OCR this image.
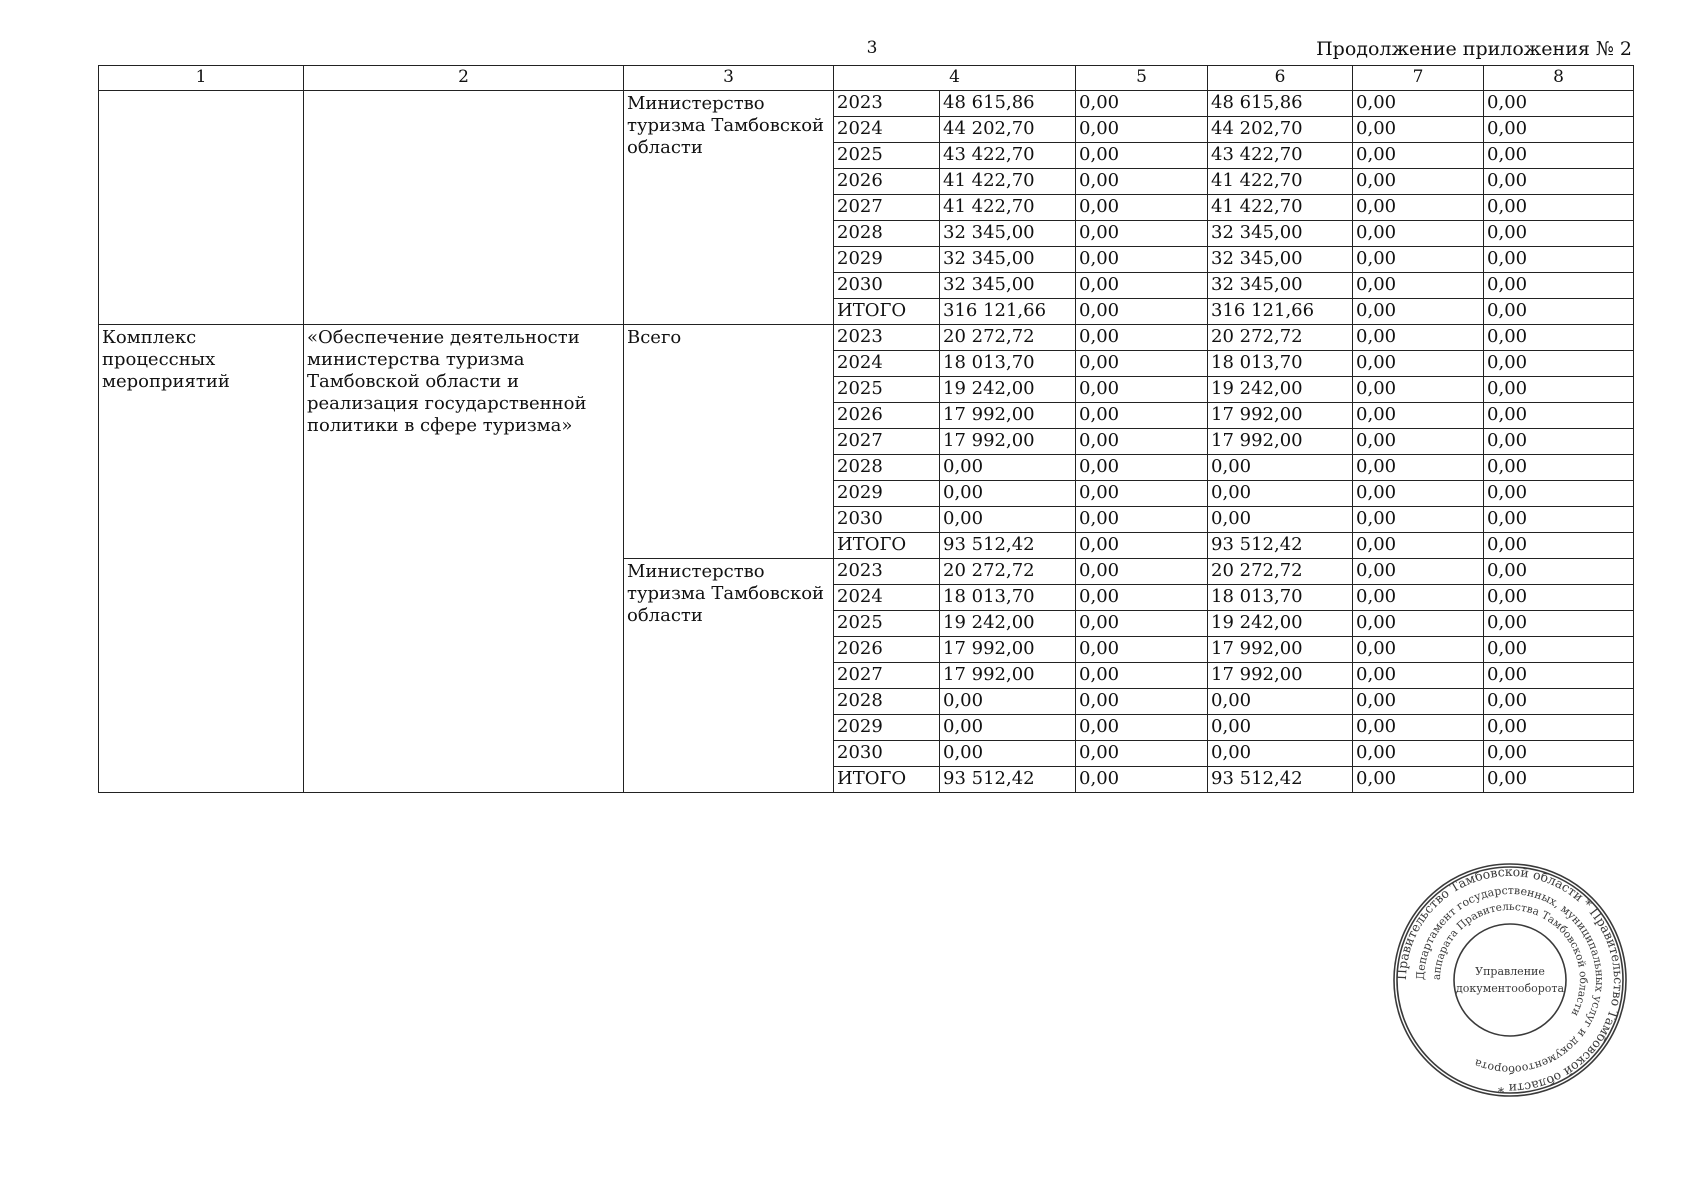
3	Продолжение приложения № 2
1	2	3	4		5	6	7	8
		Министерство туризма Тамбовской области	2023	48 615,86	0,00	48 615,86	0,00	0,00
			2024	44 202,70	0,00	44 202,70	0,00	0,00
			2025	43 422,70	0,00	43 422,70	0,00	0,00
			2026	41 422,70	0,00	41 422,70	0,00	0,00
			2027	41 422,70	0,00	41 422,70	0,00	0,00
			2028	32 345,00	0,00	32 345,00	0,00	0,00
			2029	32 345,00	0,00	32 345,00	0,00	0,00
			2030	32 345,00	0,00	32 345,00	0,00	0,00
			ИТОГО	316 121,66	0,00	316 121,66	0,00	0,00
Комплекс процессных мероприятий	«Обеспечение деятельности министерства туризма Тамбовской области и реализация государственной политики в сфере туризма»	Всего	2023	20 272,72	0,00	20 272,72	0,00	0,00
			2024	18 013,70	0,00	18 013,70	0,00	0,00
			2025	19 242,00	0,00	19 242,00	0,00	0,00
			2026	17 992,00	0,00	17 992,00	0,00	0,00
			2027	17 992,00	0,00	17 992,00	0,00	0,00
			2028	0,00	0,00	0,00	0,00	0,00
			2029	0,00	0,00	0,00	0,00	0,00
			2030	0,00	0,00	0,00	0,00	0,00
			ИТОГО	93 512,42	0,00	93 512,42	0,00	0,00
		Министерство туризма Тамбовской области	2023	20 272,72	0,00	20 272,72	0,00	0,00
			2024	18 013,70	0,00	18 013,70	0,00	0,00
			2025	19 242,00	0,00	19 242,00	0,00	0,00
			2026	17 992,00	0,00	17 992,00	0,00	0,00
			2027	17 992,00	0,00	17 992,00	0,00	0,00
			2028	0,00	0,00	0,00	0,00	0,00
			2029	0,00	0,00	0,00	0,00	0,00
			2030	0,00	0,00	0,00	0,00	0,00
			ИТОГО	93 512,42	0,00	93 512,42	0,00	0,00
Правительство Тамбовской области * Правительство Тамбовской области *
Департамент государственных, муниципальных услуг и документооборота
аппарата Правительства Тамбовской области
Управление
документооборота
